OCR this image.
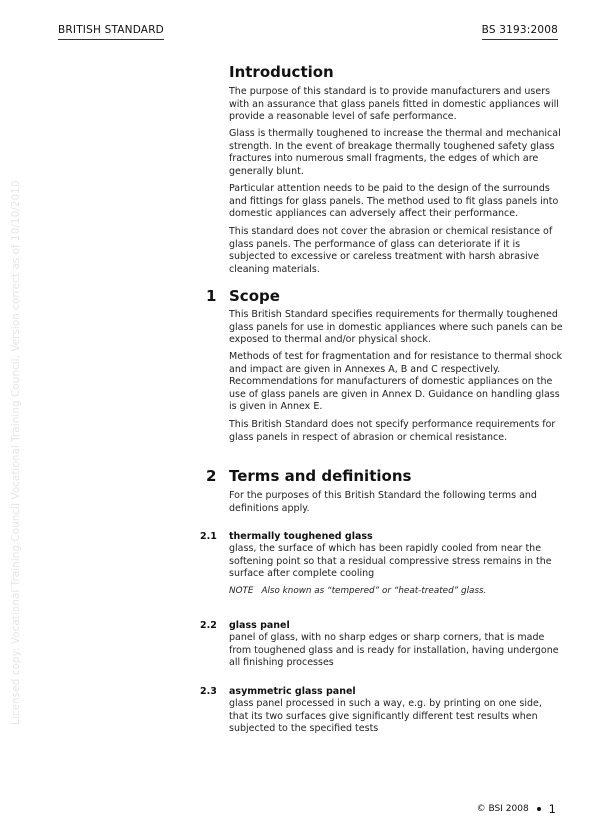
BRITISH STANDARD	BS 3193:2008
Licensed copy: Vocational Training Council Vocational Training Council, Version correct as of 10/10/2010
Introduction

The purpose of this standard is to provide manufacturers and users with an assurance that glass panels fitted in domestic appliances will provide a reasonable level of safe performance.

Glass is thermally toughened to increase the thermal and mechanical strength. In the event of breakage thermally toughened safety glass fractures into numerous small fragments, the edges of which are generally blunt.

Particular attention needs to be paid to the design of the surrounds and fittings for glass panels. The method used to fit glass panels into domestic appliances can adversely affect their performance.

This standard does not cover the abrasion or chemical resistance of glass panels. The performance of glass can deteriorate if it is subjected to excessive or careless treatment with harsh abrasive cleaning materials.

1 Scope

This British Standard specifies requirements for thermally toughened glass panels for use in domestic appliances where such panels can be exposed to thermal and/or physical shock.

Methods of test for fragmentation and for resistance to thermal shock and impact are given in Annexes A, B and C respectively. Recommendations for manufacturers of domestic appliances on the use of glass panels are given in Annex D. Guidance on handling glass is given in Annex E.

This British Standard does not specify performance requirements for glass panels in respect of abrasion or chemical resistance.

2 Terms and definitions

For the purposes of this British Standard the following terms and definitions apply.

2.1 thermally toughened glass

glass, the surface of which has been rapidly cooled from near the softening point so that a residual compressive stress remains in the surface after complete cooling

NOTE Also known as “tempered” or “heat-treated” glass.
2.2 glass panel

panel of glass, with no sharp edges or sharp corners, that is made from toughened glass and is ready for installation, having undergone all finishing processes

2.3 asymmetric glass panel

glass panel processed in such a way, e.g. by printing on one side, that its two surfaces give significantly different test results when subjected to the specified tests

© BSI 2008 1
